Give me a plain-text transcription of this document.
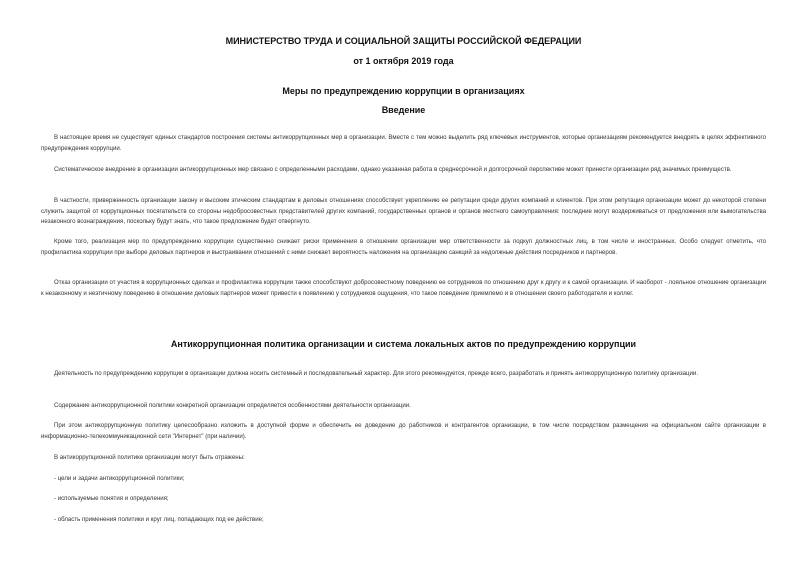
МИНИСТЕРСТВО ТРУДА И СОЦИАЛЬНОЙ ЗАЩИТЫ РОССИЙСКОЙ ФЕДЕРАЦИИ
от 1 октября 2019 года
Меры по предупреждению коррупции в организациях
Введение

В настоящее время не существует единых стандартов построения системы антикоррупционных мер в организации. Вместе с тем можно выделить ряд ключевых инструментов, которые организациям рекомендуется внедрять в целях эффективного предупреждения коррупции.

Систематическое внедрение в организации антикоррупционных мер связано с определенными расходами, однако указанная работа в среднесрочной и долгосрочной перспективе может принести организации ряд значимых преимуществ.

В частности, приверженность организации закону и высоким этическим стандартам в деловых отношениях способствует укреплению ее репутации среди других компаний и клиентов. При этом репутация организации может до некоторой степени служить защитой от коррупционных посягательств со стороны недобросовестных представителей других компаний, государственных органов и органов местного самоуправления: последние могут воздерживаться от предложения или вымогательства незаконного вознаграждения, поскольку будут знать, что такое предложение будет отвергнуто.

Кроме того, реализация мер по предупреждению коррупции существенно снижает риски применения в отношении организации мер ответственности за подкуп должностных лиц, в том числе и иностранных. Особо следует отметить, что профилактика коррупции при выборе деловых партнеров и выстраивании отношений с ними снижает вероятность наложения на организацию санкций за недолжные действия посредников и партнеров.

Отказ организации от участия в коррупционных сделках и профилактика коррупции также способствуют добросовестному поведению ее сотрудников по отношению друг к другу и к самой организации. И наоборот - лояльное отношение организации к незаконному и неэтичному поведению в отношении деловых партнеров может привести к появлению у сотрудников ощущения, что такое поведение приемлемо и в отношении своего работодателя и коллег.

Антикоррупционная политика организации и система локальных актов по предупреждению коррупции

Деятельность по предупреждению коррупции в организации должна носить системный и последовательный характер. Для этого рекомендуется, прежде всего, разработать и принять антикоррупционную политику организации.

Содержание антикоррупционной политики конкретной организации определяется особенностями деятельности организации.

При этом антикоррупционную политику целесообразно изложить в доступной форме и обеспечить ее доведение до работников и контрагентов организации, в том числе посредством размещения на официальном сайте организации в информационно-телекоммуникационной сети "Интернет" (при наличии).

В антикоррупционной политике организации могут быть отражены:

- цели и задачи антикоррупционной политики;

- используемые понятия и определения;

- область применения политики и круг лиц, попадающих под ее действие;
